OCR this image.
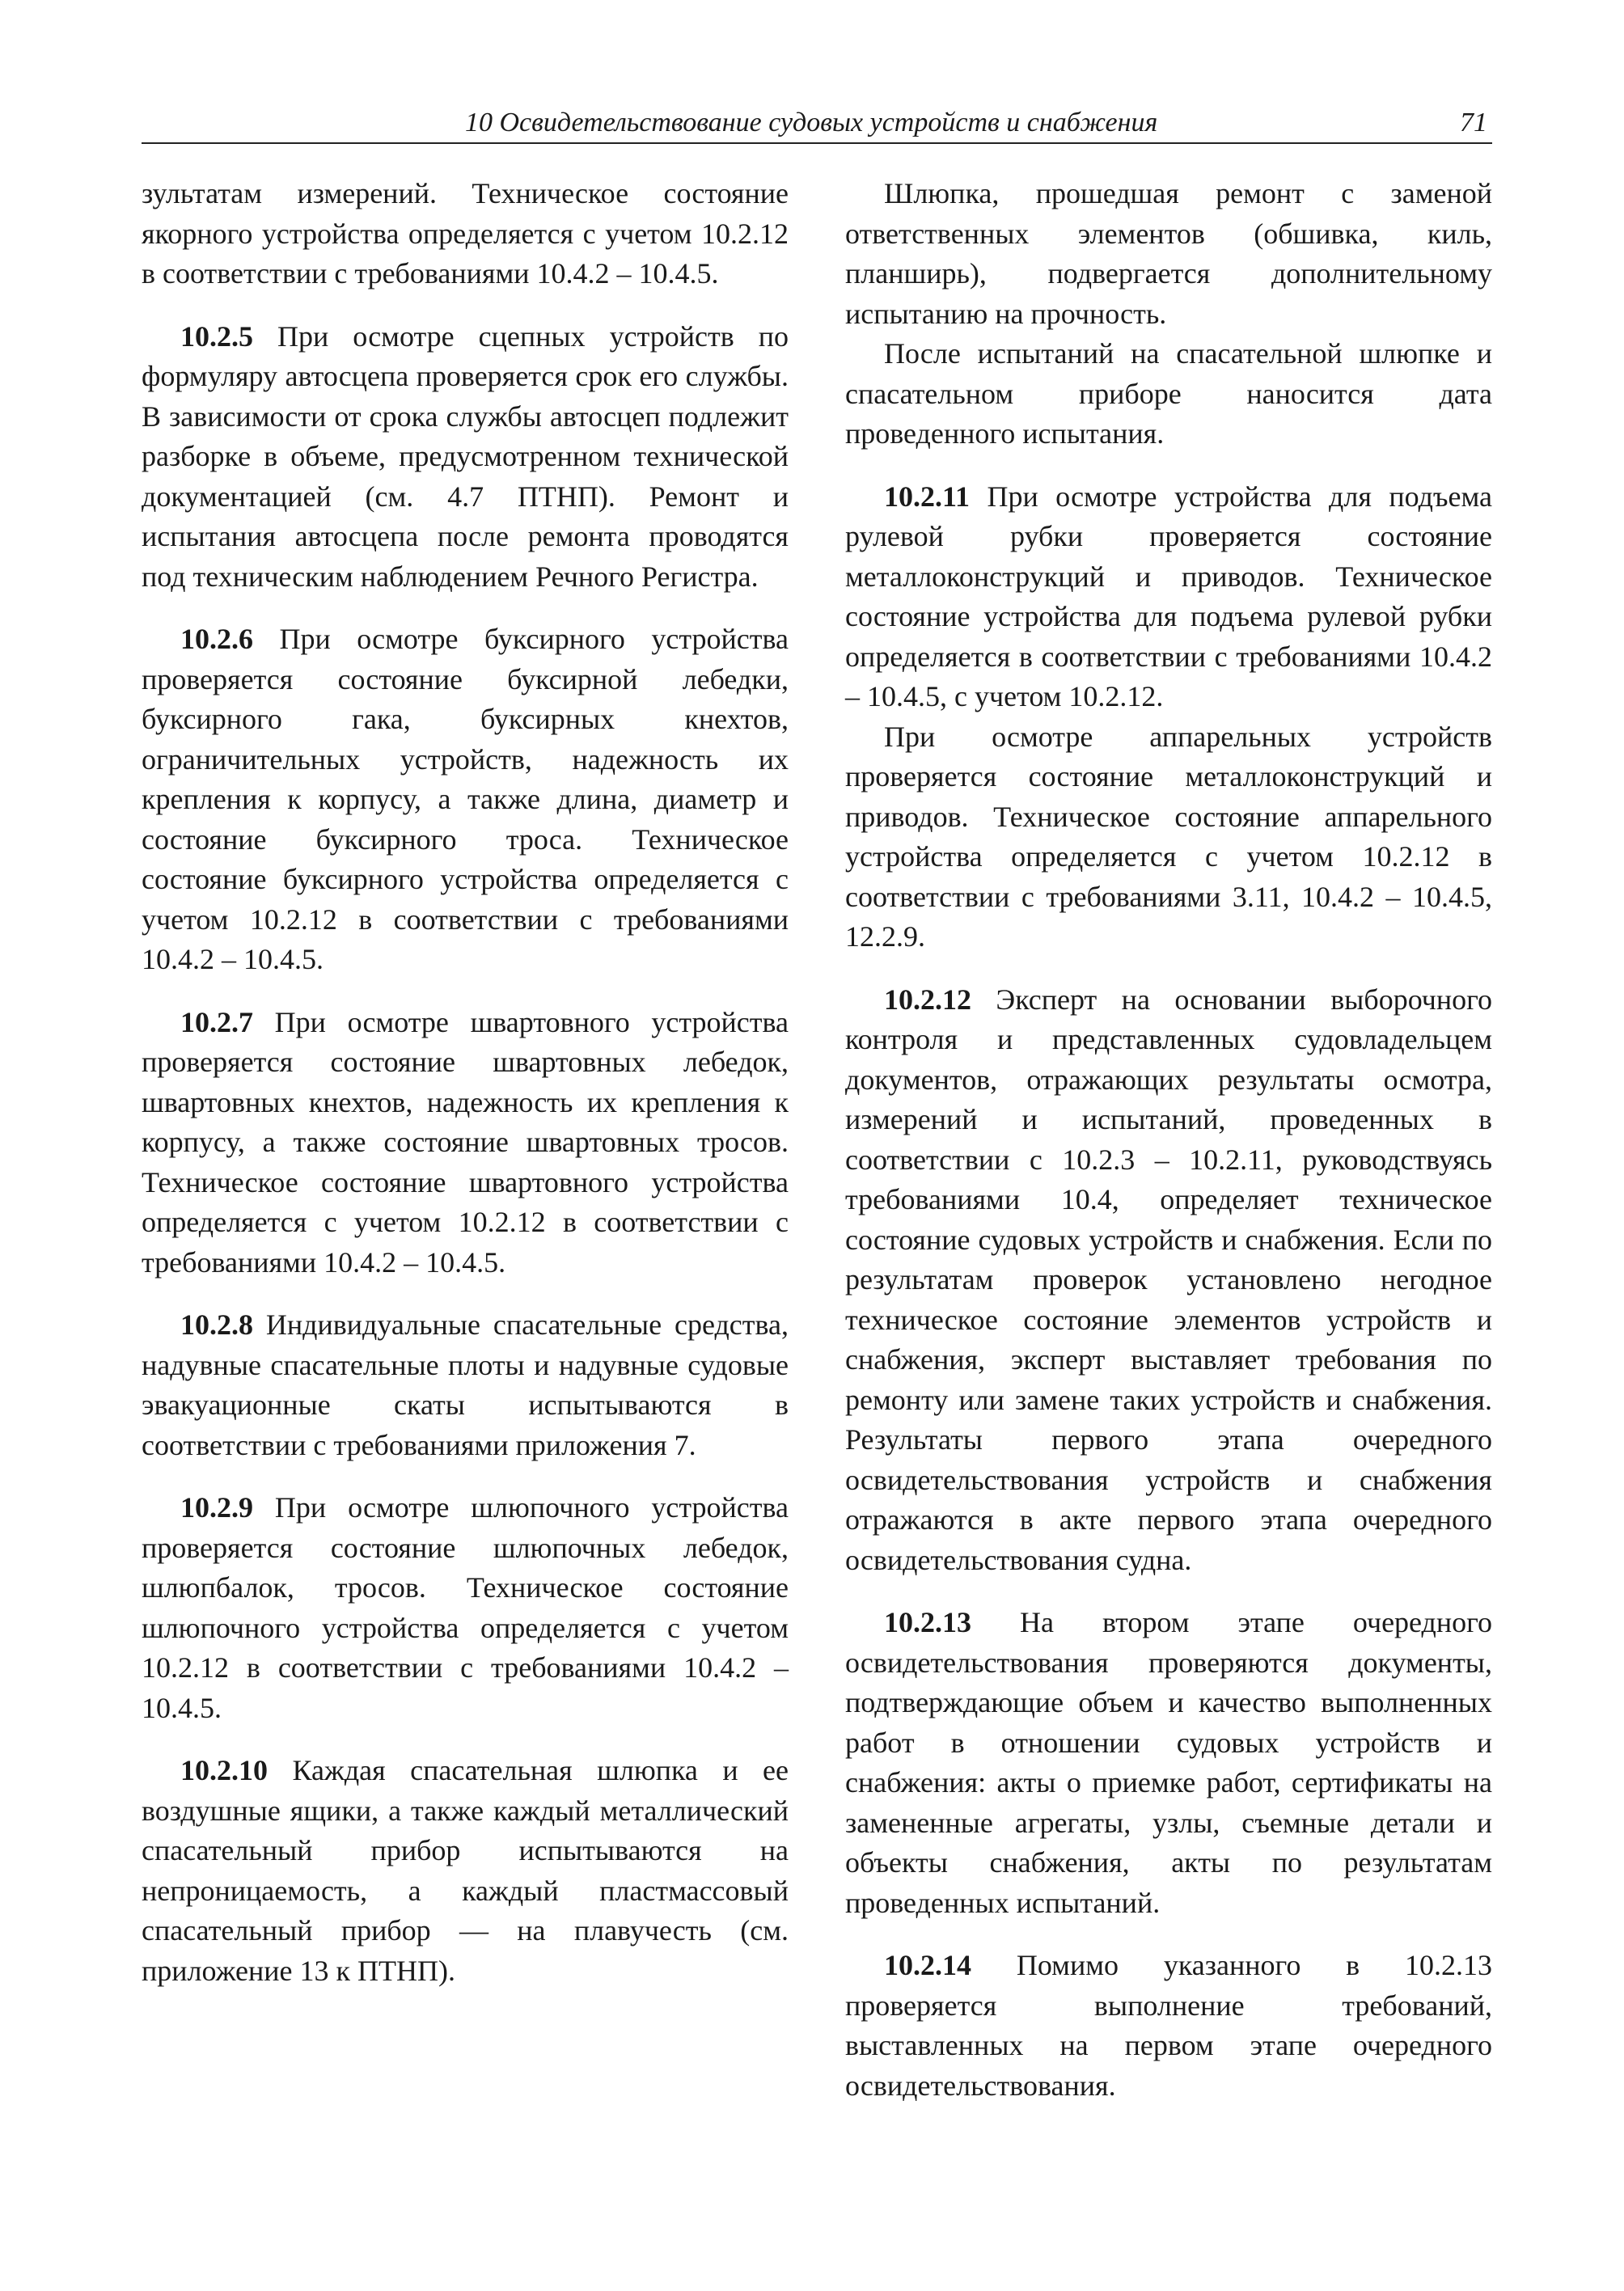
10 Освидетельствование судовых устройств и снабжения	71

зультатам измерений. Техническое состояние якорного устройства определяется с учетом 10.2.12 в соответствии с требованиями 10.4.2 – 10.4.5.

10.2.5 При осмотре сцепных устройств по формуляру автосцепа проверяется срок его службы. В зависимости от срока службы автосцеп подлежит разборке в объеме, предусмотренном технической документацией (см. 4.7 ПТНП). Ремонт и испытания автосцепа после ремонта проводятся под техническим наблюдением Речного Регистра.

10.2.6 При осмотре буксирного устройства проверяется состояние буксирной лебедки, буксирного гака, буксирных кнехтов, ограничительных устройств, надежность их крепления к корпусу, а также длина, диаметр и состояние буксирного троса. Техническое состояние буксирного устройства определяется с учетом 10.2.12 в соответствии с требованиями 10.4.2 – 10.4.5.

10.2.7 При осмотре швартовного устройства проверяется состояние швартовных лебедок, швартовных кнехтов, надежность их крепления к корпусу, а также состояние швартовных тросов. Техническое состояние швартовного устройства определяется с учетом 10.2.12 в соответствии с требованиями 10.4.2 – 10.4.5.

10.2.8 Индивидуальные спасательные средства, надувные спасательные плоты и надувные судовые эвакуационные скаты испытываются в соответствии с требованиями приложения 7.

10.2.9 При осмотре шлюпочного устройства проверяется состояние шлюпочных лебедок, шлюпбалок, тросов. Техническое состояние шлюпочного устройства определяется с учетом 10.2.12 в соответствии с требованиями 10.4.2 – 10.4.5.

10.2.10 Каждая спасательная шлюпка и ее воздушные ящики, а также каждый металлический спасательный прибор испытываются на непроницаемость, а каждый пластмассовый спасательный прибор — на плавучесть (см. приложение 13 к ПТНП).

Шлюпка, прошедшая ремонт с заменой ответственных элементов (обшивка, киль, планширь), подвергается дополнительному испытанию на прочность.

После испытаний на спасательной шлюпке и спасательном приборе наносится дата проведенного испытания.

10.2.11 При осмотре устройства для подъема рулевой рубки проверяется состояние металлоконструкций и приводов. Техническое состояние устройства для подъема рулевой рубки определяется в соответствии с требованиями 10.4.2 – 10.4.5, с учетом 10.2.12.

При осмотре аппарельных устройств проверяется состояние металлоконструкций и приводов. Техническое состояние аппарельного устройства определяется с учетом 10.2.12 в соответствии с требованиями 3.11, 10.4.2 – 10.4.5, 12.2.9.

10.2.12 Эксперт на основании выборочного контроля и представленных судовладельцем документов, отражающих результаты осмотра, измерений и испытаний, проведенных в соответствии с 10.2.3 – 10.2.11, руководствуясь требованиями 10.4, определяет техническое состояние судовых устройств и снабжения. Если по результатам проверок установлено негодное техническое состояние элементов устройств и снабжения, эксперт выставляет требования по ремонту или замене таких устройств и снабжения. Результаты первого этапа очередного освидетельствования устройств и снабжения отражаются в акте первого этапа очередного освидетельствования судна.

10.2.13 На втором этапе очередного освидетельствования проверяются документы, подтверждающие объем и качество выполненных работ в отношении судовых устройств и снабжения: акты о приемке работ, сертификаты на замененные агрегаты, узлы, съемные детали и объекты снабжения, акты по результатам проведенных испытаний.

10.2.14 Помимо указанного в 10.2.13 проверяется выполнение требований, выставленных на первом этапе очередного освидетельствования.
